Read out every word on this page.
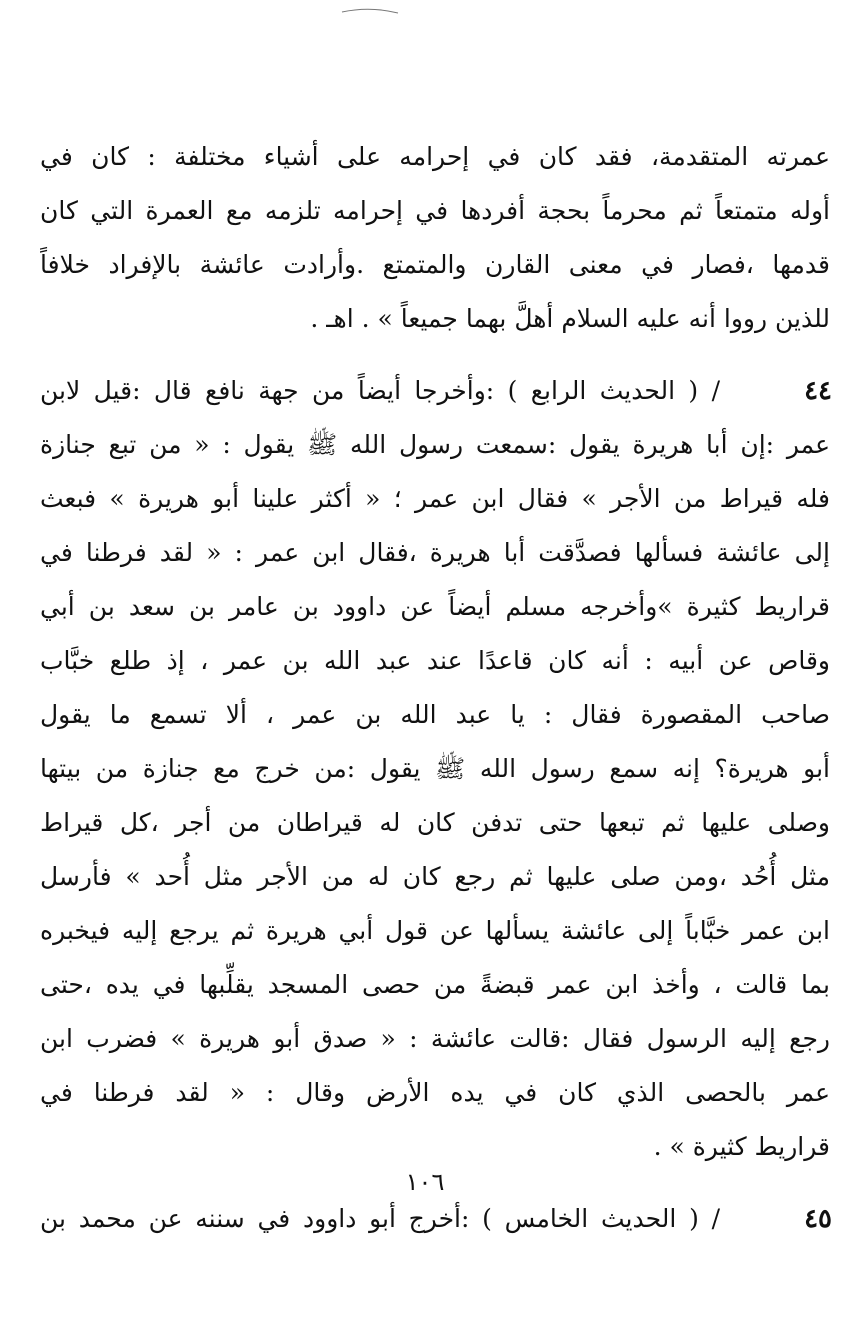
عمرته المتقدمة، فقد كان في إحرامه على أشياء مختلفة : كان في
أوله متمتعاً ثم محرماً بحجة أفردها في إحرامه تلزمه مع العمرة التي كان
قدمها ،فصار في معنى القارن والمتمتع .وأرادت عائشة بالإفراد خلافاً
للذين رووا أنه عليه السلام أهلَّ بهما جميعاً » . اهـ .
٤٤
/ ( الحديث الرابع ) :وأخرجا أيضاً من جهة نافع قال :قيل لابن
عمر :إن أبا هريرة يقول :سمعت رسول الله ﷺ يقول : « من تبع جنازة
فله قيراط من الأجر » فقال ابن عمر ؛ « أكثر علينا أبو هريرة » فبعث
إلى عائشة فسألها فصدَّقت أبا هريرة ،فقال ابن عمر : « لقد فرطنا في
قراريط كثيرة »وأخرجه مسلم أيضاً عن داوود بن عامر بن سعد بن أبي
وقاص عن أبيه : أنه كان قاعدًا عند عبد الله بن عمر ، إذ طلع خبَّاب
صاحب المقصورة فقال : يا عبد الله بن عمر ، ألا تسمع ما يقول
أبو هريرة؟ إنه سمع رسول الله ﷺ يقول :من خرج مع جنازة من بيتها
وصلى عليها ثم تبعها حتى تدفن كان له قيراطان من أجر ،كل قيراط
مثل أُحُد ،ومن صلى عليها ثم رجع كان له من الأجر مثل أُحد » فأرسل
ابن عمر خبَّاباً إلى عائشة يسألها عن قول أبي هريرة ثم يرجع إليه فيخبره
بما قالت ، وأخذ ابن عمر قبضةً من حصى المسجد يقلِّبها في يده ،حتى
رجع إليه الرسول فقال :قالت عائشة : « صدق أبو هريرة » فضرب ابن
عمر بالحصى الذي كان في يده الأرض وقال : « لقد فرطنا في
قراريط كثيرة » .
٤٥
/ ( الحديث الخامس ) :أخرج أبو داوود في سننه عن محمد بن
١٠٦
